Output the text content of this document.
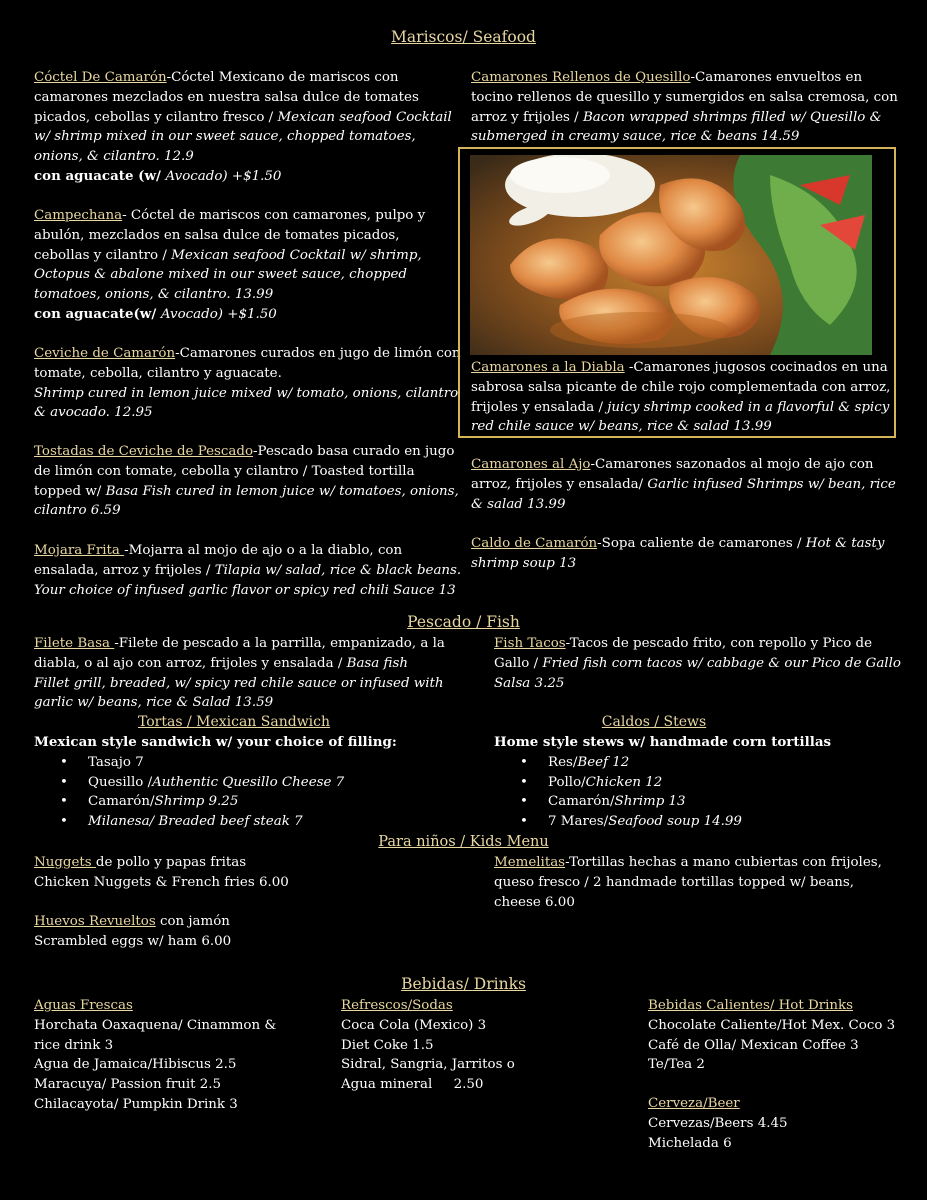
Mariscos/ Seafood
Cóctel De Camarón-Cóctel Mexicano de mariscos con camarones mezclados en nuestra salsa dulce de tomates picados, cebollas y cilantro fresco / Mexican seafood Cocktail w/ shrimp mixed in our sweet sauce, chopped tomatoes, onions, & cilantro. 12.9
con aguacate (w/ Avocado) +$1.50
Campechana- Cóctel de mariscos con camarones, pulpo y abulón, mezclados en salsa dulce de tomates picados, cebollas y cilantro / Mexican seafood Cocktail w/ shrimp, Octopus & abalone mixed in our sweet sauce, chopped tomatoes, onions, & cilantro. 13.99
con aguacate(w/ Avocado) +$1.50
Ceviche de Camarón-Camarones curados en jugo de limón con tomate, cebolla, cilantro y aguacate.
Shrimp cured in lemon juice mixed w/ tomato, onions, cilantro & avocado. 12.95
Tostadas de Ceviche de Pescado-Pescado basa curado en jugo de limón con tomate, cebolla y cilantro / Toasted tortilla topped w/ Basa Fish cured in lemon juice w/ tomatoes, onions, cilantro 6.59
Mojara Frita -Mojarra al mojo de ajo o a la diablo, con ensalada, arroz y frijoles / Tilapia w/ salad, rice & black beans. Your choice of infused garlic flavor or spicy red chili Sauce 13
Camarones Rellenos de Quesillo-Camarones envueltos en tocino rellenos de quesillo y sumergidos en salsa cremosa, con arroz y frijoles / Bacon wrapped shrimps filled w/ Quesillo & submerged in creamy sauce, rice & beans 14.59
Camarones a la Diabla -Camarones jugosos cocinados en una sabrosa salsa picante de chile rojo complementada con arroz, frijoles y ensalada / juicy shrimp cooked in a flavorful & spicy red chile sauce w/ beans, rice & salad 13.99
Camarones al Ajo-Camarones sazonados al mojo de ajo con arroz, frijoles y ensalada/ Garlic infused Shrimps w/ bean, rice & salad 13.99
Caldo de Camarón-Sopa caliente de camarones / Hot & tasty shrimp soup 13
Pescado / Fish
Filete Basa -Filete de pescado a la parrilla, empanizado, a la diabla, o al ajo con arroz, frijoles y ensalada / Basa fish Fillet grill, breaded, w/ spicy red chile sauce or infused with garlic w/ beans, rice & Salad 13.59
Fish Tacos-Tacos de pescado frito, con repollo y Pico de Gallo / Fried fish corn tacos w/ cabbage & our Pico de Gallo Salsa 3.25
Tortas / Mexican Sandwich
Mexican style sandwich w/ your choice of filling:
• Tasajo 7
• Quesillo /Authentic Quesillo Cheese 7
• Camarón/Shrimp 9.25
• Milanesa/ Breaded beef steak 7
Caldos / Stews
Home style stews w/ handmade corn tortillas
• Res/Beef 12
• Pollo/Chicken 12
• Camarón/Shrimp 13
• 7 Mares/Seafood soup 14.99
Para niños / Kids Menu
Nuggets de pollo y papas fritas
Chicken Nuggets & French fries 6.00
Huevos Revueltos con jamón
Scrambled eggs w/ ham 6.00
Memelitas-Tortillas hechas a mano cubiertas con frijoles, queso fresco / 2 handmade tortillas topped w/ beans, cheese 6.00
Bebidas/ Drinks
Aguas Frescas
Horchata Oaxaquena/ Cinammon &
rice drink 3
Agua de Jamaica/Hibiscus 2.5
Maracuya/ Passion fruit 2.5
Chilacayota/ Pumpkin Drink 3
Refrescos/Sodas
Coca Cola (Mexico) 3
Diet Coke 1.5
Sidral, Sangria, Jarritos o
Agua mineral     2.50
Bebidas Calientes/ Hot Drinks
Chocolate Caliente/Hot Mex. Coco 3
Café de Olla/ Mexican Coffee 3
Te/Tea 2
Cerveza/Beer
Cervezas/Beers 4.45
Michelada 6
